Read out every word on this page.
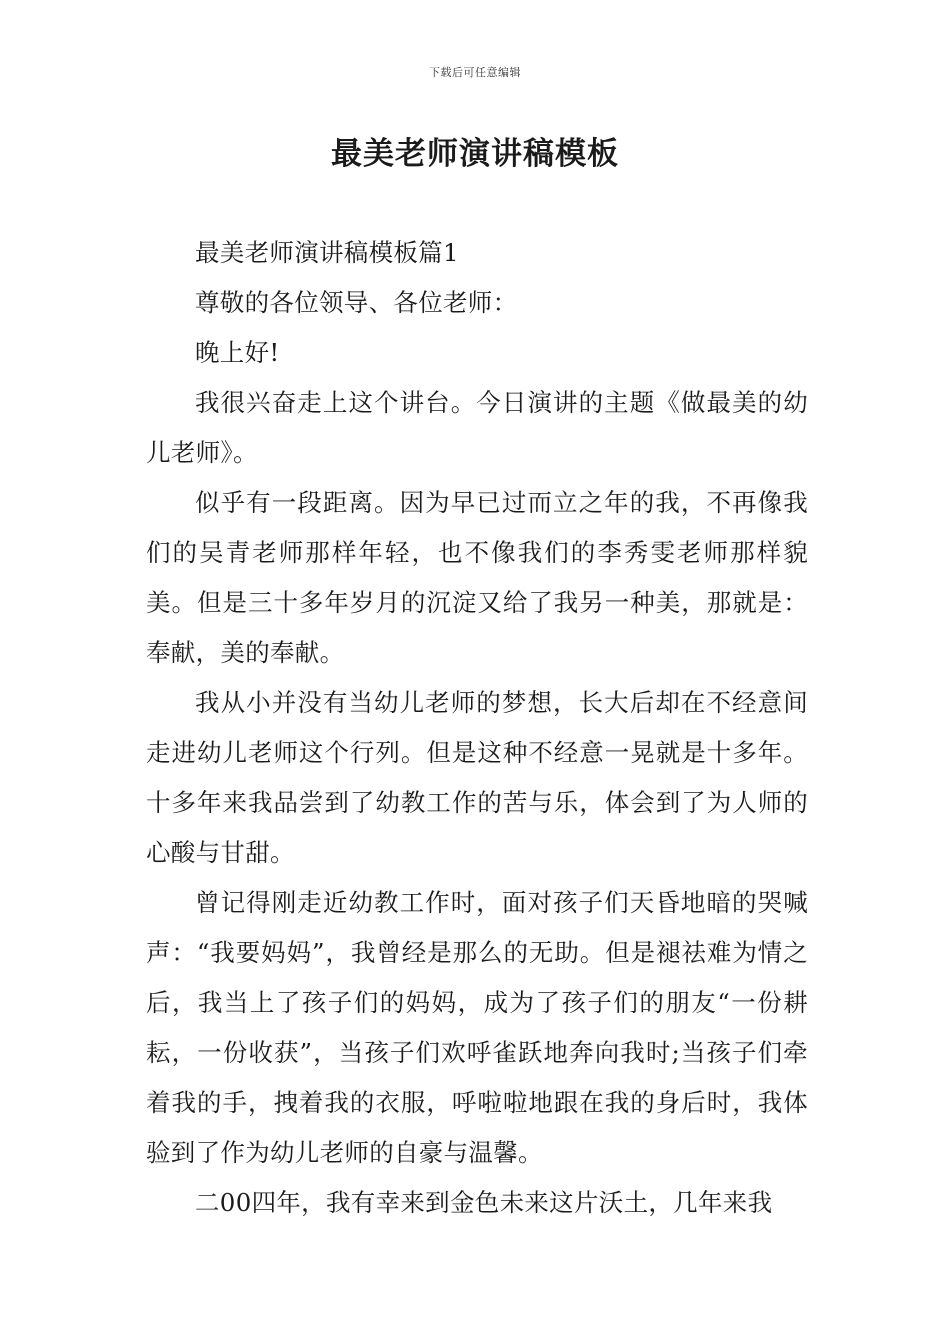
下载后可任意编辑
最美老师演讲稿模板

最美老师演讲稿模板篇1

尊敬的各位领导、各位老师：

晚上好!

我很兴奋走上这个讲台。今日演讲的主题《做最美的幼儿老师》。

似乎有一段距离。因为早已过而立之年的我，不再像我们的吴青老师那样年轻，也不像我们的李秀雯老师那样貌美。但是三十多年岁月的沉淀又给了我另一种美，那就是：奉献，美的奉献。

我从小并没有当幼儿老师的梦想，长大后却在不经意间走进幼儿老师这个行列。但是这种不经意一晃就是十多年。十多年来我品尝到了幼教工作的苦与乐，体会到了为人师的心酸与甘甜。

曾记得刚走近幼教工作时，面对孩子们天昏地暗的哭喊声：“我要妈妈”，我曾经是那么的无助。但是褪祛难为情之后，我当上了孩子们的妈妈，成为了孩子们的朋友“一份耕耘，一份收获”，当孩子们欢呼雀跃地奔向我时;当孩子们牵着我的手，拽着我的衣服，呼啦啦地跟在我的身后时，我体验到了作为幼儿老师的自豪与温馨。

二00四年，我有幸来到金色未来这片沃土，几年来我
